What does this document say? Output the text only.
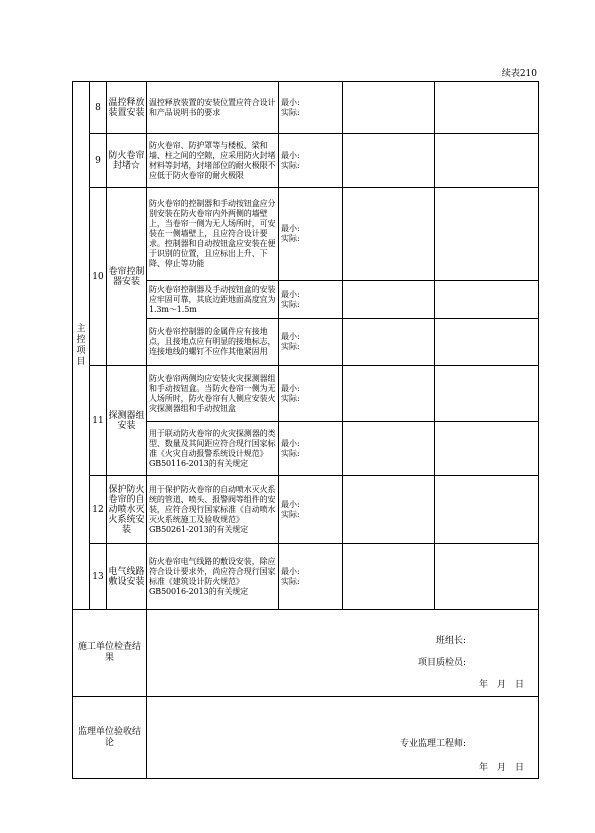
续表210
主控项目	8	温控释放装置安装	温控释放装置的安装位置应符合设计和产品说明书的要求	最小:
实际:		

	9	防火卷帘封堵☆	防火卷帘、防护罩等与楼板、梁和墙、柱之间的空隙，应采用防火封堵材料等封堵，封堵部位的耐火极限不应低于防火卷帘的耐火极限	最小:
实际:		

	10	卷帘控制器安装	防火卷帘的控制器和手动按钮盒应分别安装在防火卷帘内外两侧的墙壁上，当卷帘一侧为无人场所时，可安装在一侧墙壁上，且应符合设计要求。控制器和自动按钮盒应安装在便于识别的位置，且应标出上升、下降、停止等功能	最小:
实际:		

			防火卷帘控制器及手动按钮盒的安装应牢固可靠，其底边距地面高度宜为1.3m～1.5m	最小:
实际:		

			防火卷帘控制器的金属件应有接地点，且接地点应有明显的接地标志，连接地线的螺钉不应作其他紧固用	最小:
实际:		

	11	探测器组安装	防火卷帘两侧均应安装火灾探测器组和手动按钮盒。当防火卷帘一侧为无人场所时，防火卷帘有人侧应安装火灾探测器组和手动按钮盒	最小:
实际:		

			用于联动防火卷帘的火灾探测器的类型、数量及其间距应符合现行国家标准《火灾自动报警系统设计规范》GB50116-2013的有关规定	最小:
实际:		

	12	保护防火卷帘的自动喷水灭火系统安装	用于保护防火卷帘的自动喷水灭火系统的管道、喷头、报警阀等组件的安装，应符合现行国家标准《自动喷水灭火系统施工及验收规范》GB50261-2013的有关规定	最小:
实际:		

	13	电气线路敷设安装	防火卷帘电气线路的敷设安装，除应符合设计要求外，尚应符合现行国家标准《建筑设计防火规范》GB50016-2013的有关规定	最小:
实际:		

施工单位检查结果			班组长:
项目质检员:
年　月　日			

监理单位验收结论			专业监理工程师:
年　月　日			
